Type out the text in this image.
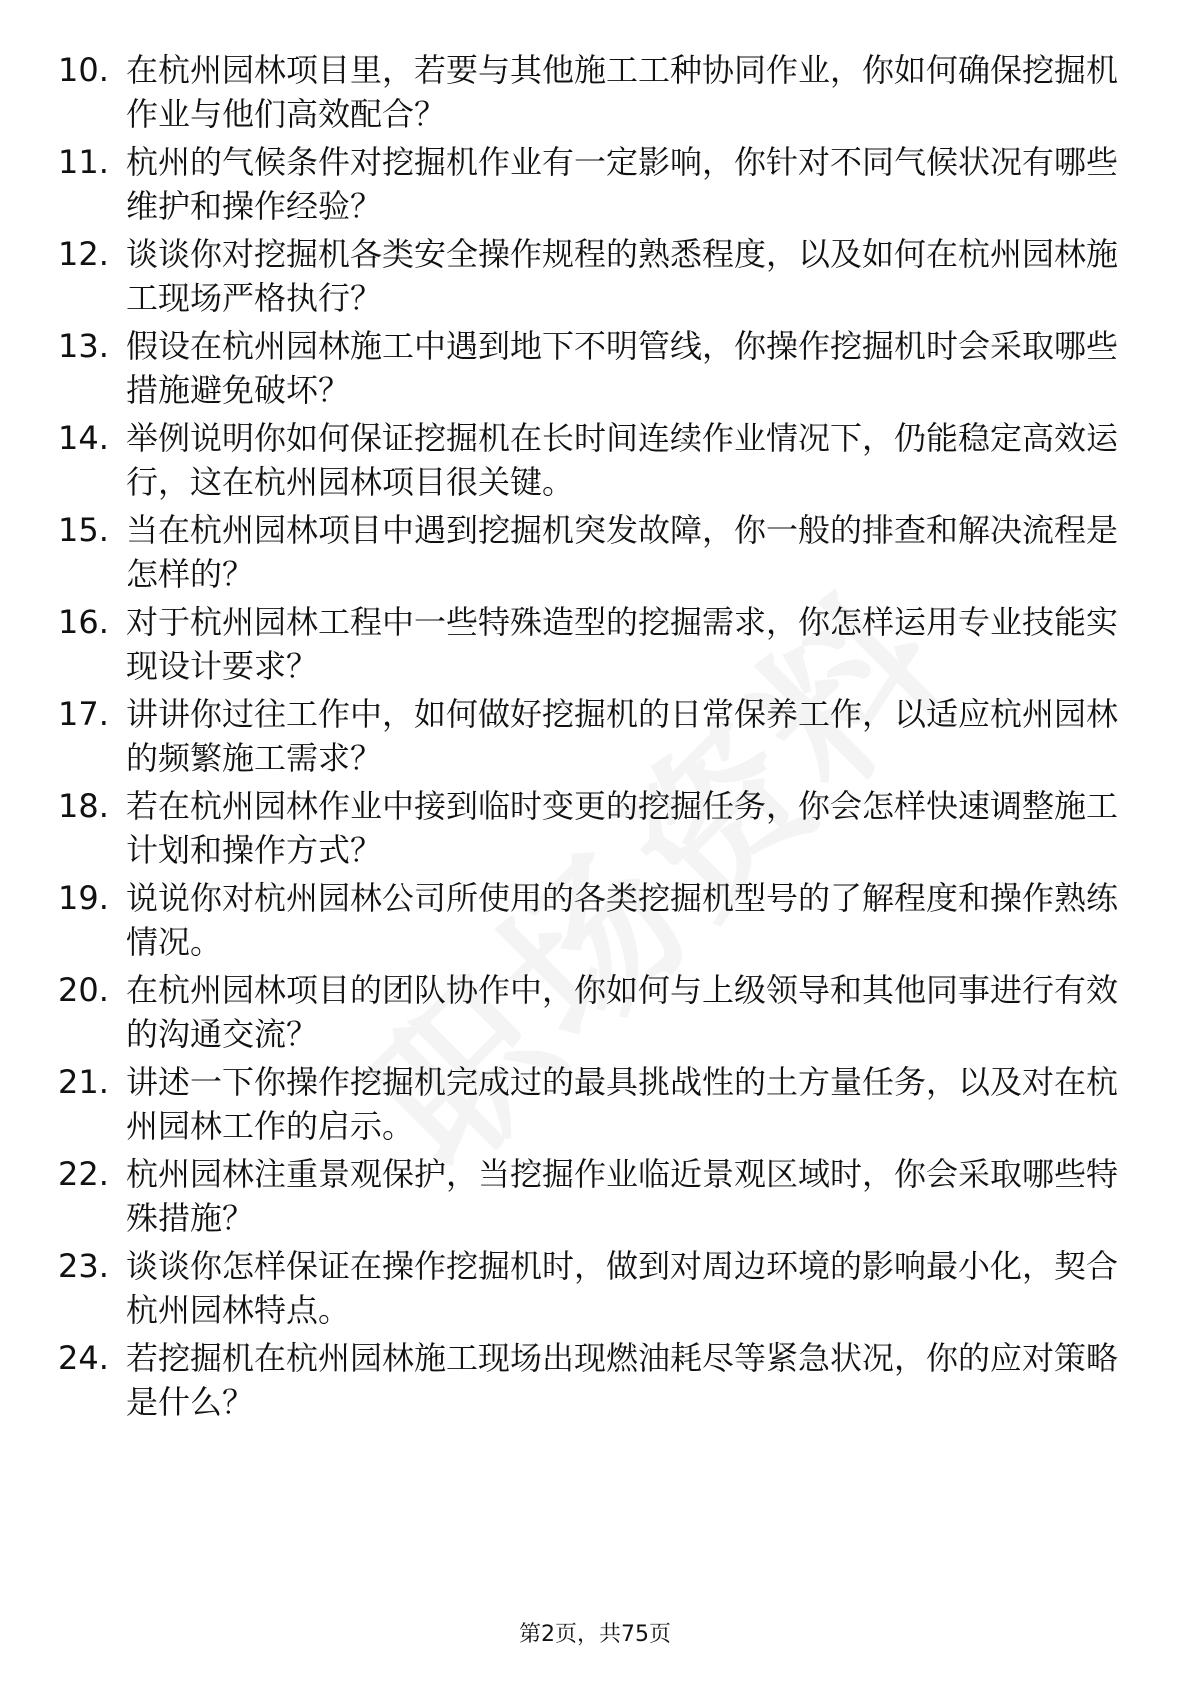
10. 在杭州园林项目里，若要与其他施工工种协同作业，你如何确保挖掘机作业与他们高效配合？
11. 杭州的气候条件对挖掘机作业有一定影响，你针对不同气候状况有哪些维护和操作经验？
12. 谈谈你对挖掘机各类安全操作规程的熟悉程度，以及如何在杭州园林施工现场严格执行？
13. 假设在杭州园林施工中遇到地下不明管线，你操作挖掘机时会采取哪些措施避免破坏？
14. 举例说明你如何保证挖掘机在长时间连续作业情况下，仍能稳定高效运行，这在杭州园林项目很关键。
15. 当在杭州园林项目中遇到挖掘机突发故障，你一般的排查和解决流程是怎样的？
16. 对于杭州园林工程中一些特殊造型的挖掘需求，你怎样运用专业技能实现设计要求？
17. 讲讲你过往工作中，如何做好挖掘机的日常保养工作，以适应杭州园林的频繁施工需求？
18. 若在杭州园林作业中接到临时变更的挖掘任务，你会怎样快速调整施工计划和操作方式？
19. 说说你对杭州园林公司所使用的各类挖掘机型号的了解程度和操作熟练情况。
20. 在杭州园林项目的团队协作中，你如何与上级领导和其他同事进行有效的沟通交流？
21. 讲述一下你操作挖掘机完成过的最具挑战性的土方量任务，以及对在杭州园林工作的启示。
22. 杭州园林注重景观保护，当挖掘作业临近景观区域时，你会采取哪些特殊措施？
23. 谈谈你怎样保证在操作挖掘机时，做到对周边环境的影响最小化，契合杭州园林特点。
24. 若挖掘机在杭州园林施工现场出现燃油耗尽等紧急状况，你的应对策略是什么？
第2页，共75页
